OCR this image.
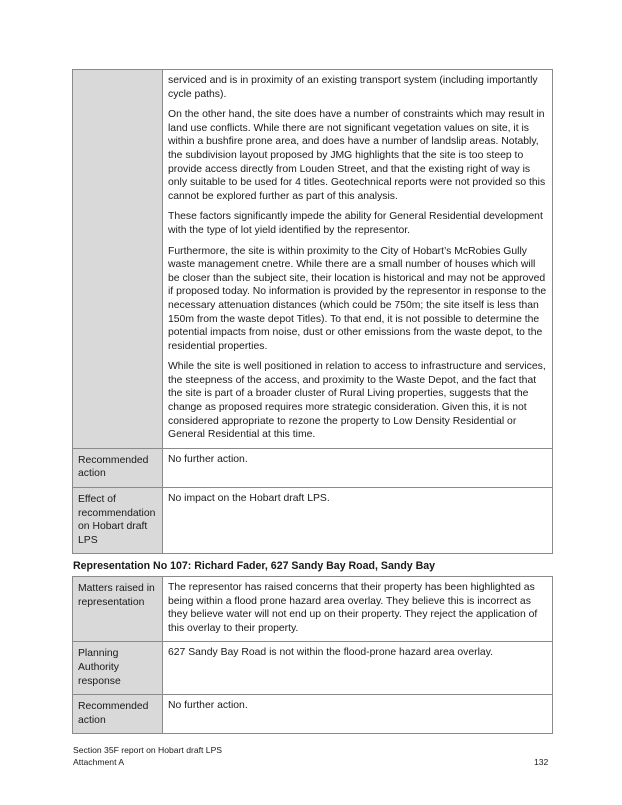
	serviced and is in proximity of an existing transport system (including importantly cycle paths).

On the other hand, the site does have a number of constraints which may result in land use conflicts. While there are not significant vegetation values on site, it is within a bushfire prone area, and does have a number of landslip areas. Notably, the subdivision layout proposed by JMG highlights that the site is too steep to provide access directly from Louden Street, and that the existing right of way is only suitable to be used for 4 titles. Geotechnical reports were not provided so this cannot be explored further as part of this analysis.

These factors significantly impede the ability for General Residential development with the type of lot yield identified by the representor.

Furthermore, the site is within proximity to the City of Hobart’s McRobies Gully waste management cnetre. While there are a small number of houses which will be closer than the subject site, their location is historical and may not be approved if proposed today. No information is provided by the representor in response to the necessary attenuation distances (which could be 750m; the site itself is less than 150m from the waste depot Titles). To that end, it is not possible to determine the potential impacts from noise, dust or other emissions from the waste depot, to the residential properties.

While the site is well positioned in relation to access to infrastructure and services, the steepness of the access, and proximity to the Waste Depot, and the fact that the site is part of a broader cluster of Rural Living properties, suggests that the change as proposed requires more strategic consideration. Given this, it is not considered appropriate to rezone the property to Low Density Residential or General Residential at this time.

Recommended action	No further action.
Effect of recommendation on Hobart draft LPS	No impact on the Hobart draft LPS.

Representation No 107: Richard Fader, 627 Sandy Bay Road, Sandy Bay

Matters raised in representation	The representor has raised concerns that their property has been highlighted as being within a flood prone hazard area overlay. They believe this is incorrect as they believe water will not end up on their property. They reject the application of this overlay to their property.
Planning Authority response	627 Sandy Bay Road is not within the flood-prone hazard area overlay.
Recommended action	No further action.
Section 35F report on Hobart draft LPS
Attachment A	132
